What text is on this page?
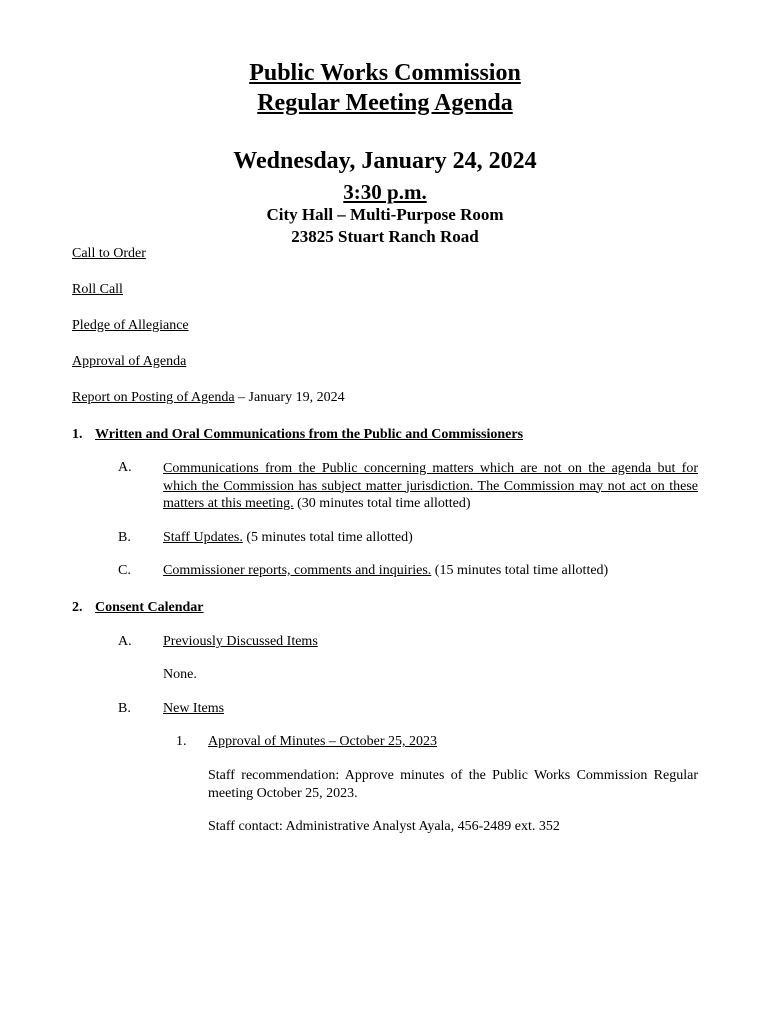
Public Works Commission
Regular Meeting Agenda
Wednesday, January 24, 2024
3:30 p.m.
City Hall – Multi-Purpose Room
23825 Stuart Ranch Road
Call to Order
Roll Call
Pledge of Allegiance
Approval of Agenda
Report on Posting of Agenda – January 19, 2024
1. Written and Oral Communications from the Public and Commissioners
A. Communications from the Public concerning matters which are not on the agenda but for which the Commission has subject matter jurisdiction. The Commission may not act on these matters at this meeting. (30 minutes total time allotted)
B. Staff Updates. (5 minutes total time allotted)
C. Commissioner reports, comments and inquiries. (15 minutes total time allotted)
2. Consent Calendar
A. Previously Discussed Items
None.
B. New Items
1. Approval of Minutes – October 25, 2023
Staff recommendation: Approve minutes of the Public Works Commission Regular meeting October 25, 2023.
Staff contact: Administrative Analyst Ayala, 456-2489 ext. 352
